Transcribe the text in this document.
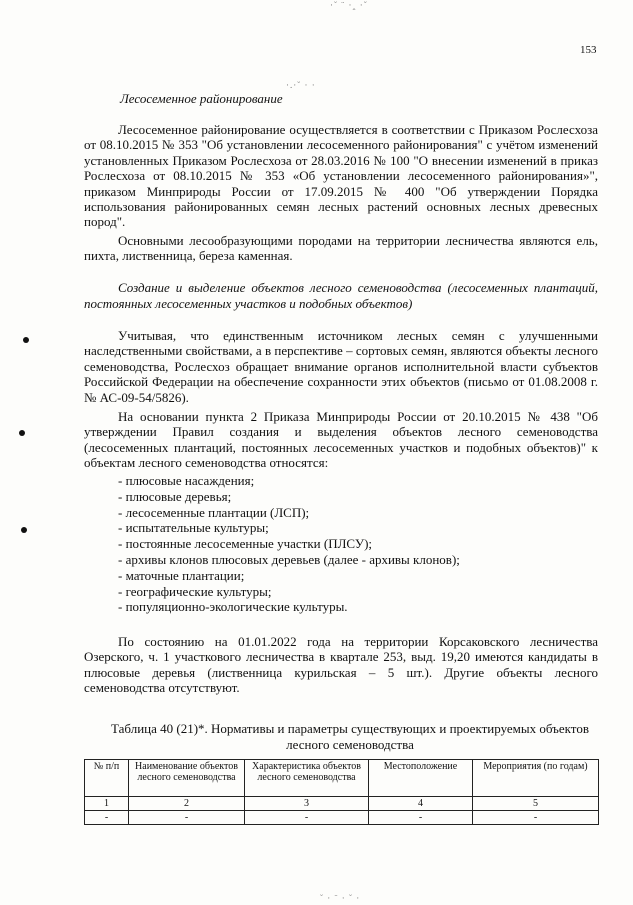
·˘ ¨ ·‸ ·˘
153
·.·˘ · ·
Лесосеменное районирование

Лесосеменное районирование осуществляется в соответствии с Приказом Рослесхоза от 08.10.2015 № 353 "Об установлении лесосеменного районирования" с учётом изменений установленных Приказом Рослесхоза от 28.03.2016 № 100 "О внесении изменений в приказ Рослесхоза от 08.10.2015 № 353 «Об установлении лесосеменного районирования»", приказом Минприроды России от 17.09.2015 № 400 "Об утверждении Порядка использования районированных семян лесных растений основных лесных древесных пород".

Основными лесообразующими породами на территории лесничества являются ель, пихта, лиственница, береза каменная.

Создание и выделение объектов лесного семеноводства (лесосеменных плантаций, постоянных лесосеменных участков и подобных объектов)

Учитывая, что единственным источником лесных семян с улучшенными наследственными свойствами, а в перспективе – сортовых семян, являются объекты лесного семеноводства, Рослесхоз обращает внимание органов исполнительной власти субъектов Российской Федерации на обеспечение сохранности этих объектов (письмо от 01.08.2008 г. № АС-09-54/5826).

На основании пункта 2 Приказа Минприроды России от 20.10.2015 № 438 "Об утверждении Правил создания и выделения объектов лесного семеноводства (лесосеменных плантаций, постоянных лесосеменных участков и подобных объектов)" к объектам лесного семеноводства относятся:

- плюсовые насаждения;
- плюсовые деревья;
- лесосеменные плантации (ЛСП);
- испытательные культуры;
- постоянные лесосеменные участки (ПЛСУ);
- архивы клонов плюсовых деревьев (далее - архивы клонов);
- маточные плантации;
- географические культуры;
- популяционно-экологические культуры.

По состоянию на 01.01.2022 года на территории Корсаковского лесничества Озерского, ч. 1 участкового лесничества в квартале 253, выд. 19,20 имеются кандидаты в плюсовые деревья (лиственница курильская – 5 шт.). Другие объекты лесного семеноводства отсутствуют.

Таблица 40 (21)*. Нормативы и параметры существующих и проектируемых объектов лесного семеноводства
№ п/п	Наименование объектов лесного семеноводства	Характеристика объектов лесного семеноводства	Местоположение	Мероприятия (по годам)
1	2	3	4	5
-	-	-	-	-
˘ · ¨ · ˘ ·
